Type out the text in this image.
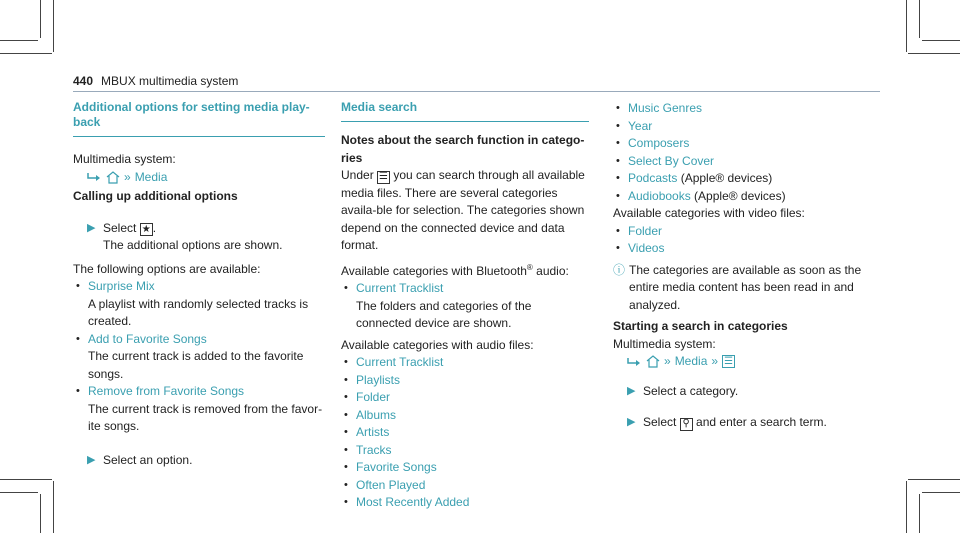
440 MBUX multimedia system
Additional options for setting media play-back

Multimedia system:

» Media

Calling up additional options

▶ Select ★ .

The additional options are shown.

The following options are available:

• Surprise Mix

A playlist with randomly selected tracks is created.

• Add to Favorite Songs

The current track is added to the favorite songs.

• Remove from Favorite Songs

The current track is removed from the favor-ite songs.

▶ Select an option.
Media search

Notes about the search function in catego-ries

Under ☰ you can search through all available media files. There are several categories availa-ble for selection. The categories shown depend on the connected device and data format.

Available categories with Bluetooth® audio:

• Current Tracklist

The folders and categories of the connected device are shown.

Available categories with audio files:

• Current Tracklist
• Playlists
• Folder
• Albums
• Artists
• Tracks
• Favorite Songs
• Often Played
• Most Recently Added
• Music Genres
• Year
• Composers
• Select By Cover
• Podcasts (Apple® devices)
• Audiobooks (Apple® devices)

Available categories with video files:

• Folder
• Videos
ⓘ The categories are available as soon as the entire media content has been read in and analyzed.

Starting a search in categories

Multimedia system:

» Media » ☰
▶ Select a category.
▶ Select ⚲ and enter a search term.
